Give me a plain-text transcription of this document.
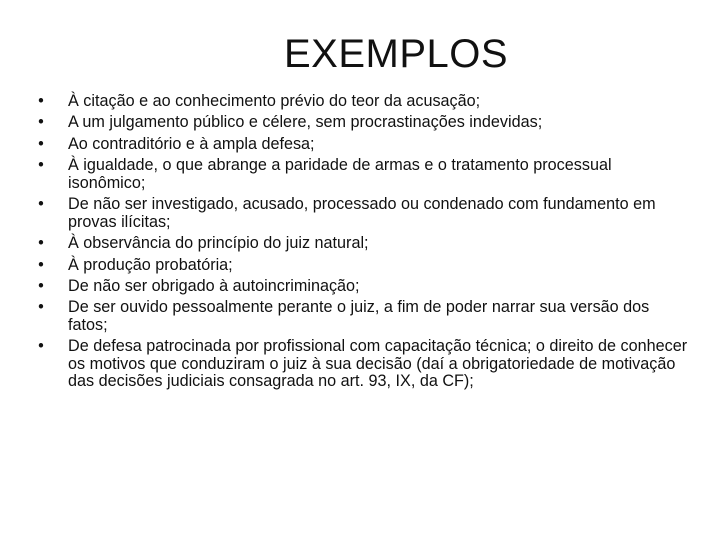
EXEMPLOS
• À citação e ao conhecimento prévio do teor da acusação;
• A um julgamento público e célere, sem procrastinações indevidas;
• Ao contraditório e à ampla defesa;
• À igualdade, o que abrange a paridade de armas e o tratamento processual isonômico;
• De não ser investigado, acusado, processado ou condenado com fundamento em provas ilícitas;
• À observância do princípio do juiz natural;
• À produção probatória;
• De não ser obrigado à autoincriminação;
• De ser ouvido pessoalmente perante o juiz, a fim de poder narrar sua versão dos fatos;
• De defesa patrocinada por profissional com capacitação técnica; o direito de conhecer os motivos que conduziram o juiz à sua decisão (daí a obrigatoriedade de motivação das decisões judiciais consagrada no art. 93, IX, da CF);
